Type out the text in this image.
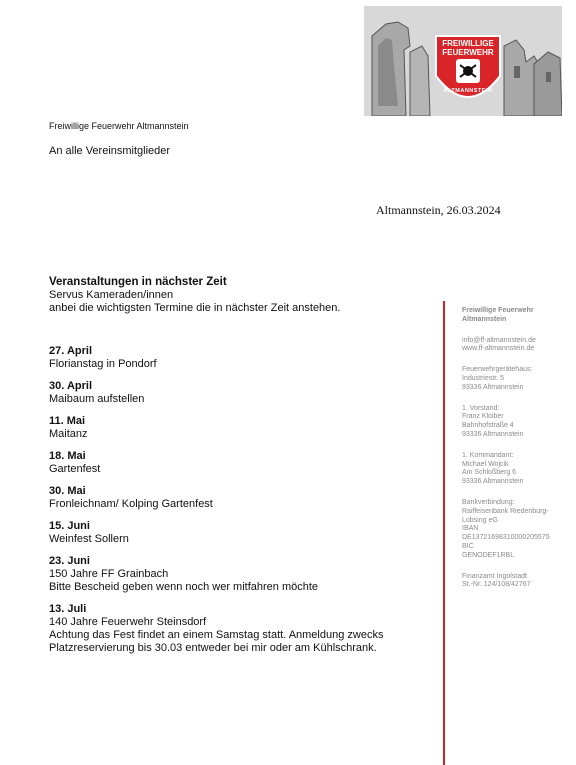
FREIWILLIGE
FEUERWEHR
ALTMANNSTEIN
Freiwillige Feuerwehr Altmannstein
An alle Vereinsmitglieder
Altmannstein, 26.03.2024
Veranstaltungen in nächster Zeit
Servus Kameraden/innen
anbei die wichtigsten Termine die in nächster Zeit anstehen.
27. April
Florianstag in Pondorf
30. April
Maibaum aufstellen
11. Mai
Maitanz
18. Mai
Gartenfest
30. Mai
Fronleichnam/ Kolping Gartenfest
15. Juni
Weinfest Sollern
23. Juni
150 Jahre FF Grainbach
Bitte Bescheid geben wenn noch wer mitfahren möchte
13. Juli
140 Jahre Feuerwehr Steinsdorf
Achtung das Fest findet an einem Samstag statt. Anmeldung zwecks
Platzreservierung bis 30.03 entweder bei mir oder am Kühlschrank.
Freiwillige Feuerwehr
Altmannstein
info@ff-altmannstein.de
www.ff-altmannstein.de
Feuerwehrgerätehaus:
Industriestr. 5
93336 Altmannstein
1. Vorstand:
Franz Kloiber
Bahnhofstraße 4
93336 Altmannstein
1. Kommandant:
Michael Wojcik
Am Schloßberg 6
93336 Altmannstein
Bankverbindung:
Raiffeisenbank Riedenburg-
Lobsing eG
IBAN
DE13721698310000205575
BIC
GENODEF1RBL
Finanzamt Ingolstadt
St.-Nr. 124/108/42767
